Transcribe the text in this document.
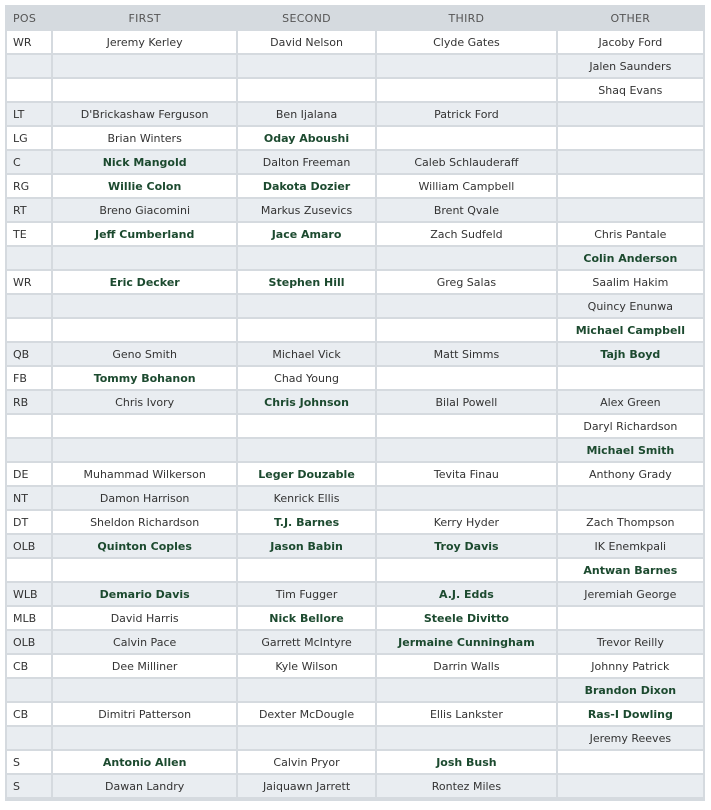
POS	FIRST	SECOND	THIRD	OTHER
WR	Jeremy Kerley	David Nelson	Clyde Gates	Jacoby Ford
				Jalen Saunders
				Shaq Evans
LT	D'Brickashaw Ferguson	Ben Ijalana	Patrick Ford	
LG	Brian Winters	Oday Aboushi		
C	Nick Mangold	Dalton Freeman	Caleb Schlauderaff	
RG	Willie Colon	Dakota Dozier	William Campbell	
RT	Breno Giacomini	Markus Zusevics	Brent Qvale	
TE	Jeff Cumberland	Jace Amaro	Zach Sudfeld	Chris Pantale
				Colin Anderson
WR	Eric Decker	Stephen Hill	Greg Salas	Saalim Hakim
				Quincy Enunwa
				Michael Campbell
QB	Geno Smith	Michael Vick	Matt Simms	Tajh Boyd
FB	Tommy Bohanon	Chad Young		
RB	Chris Ivory	Chris Johnson	Bilal Powell	Alex Green
				Daryl Richardson
				Michael Smith
DE	Muhammad Wilkerson	Leger Douzable	Tevita Finau	Anthony Grady
NT	Damon Harrison	Kenrick Ellis		
DT	Sheldon Richardson	T.J. Barnes	Kerry Hyder	Zach Thompson
OLB	Quinton Coples	Jason Babin	Troy Davis	IK Enemkpali
				Antwan Barnes
WLB	Demario Davis	Tim Fugger	A.J. Edds	Jeremiah George
MLB	David Harris	Nick Bellore	Steele Divitto	
OLB	Calvin Pace	Garrett McIntyre	Jermaine Cunningham	Trevor Reilly
CB	Dee Milliner	Kyle Wilson	Darrin Walls	Johnny Patrick
				Brandon Dixon
CB	Dimitri Patterson	Dexter McDougle	Ellis Lankster	Ras-I Dowling
				Jeremy Reeves
S	Antonio Allen	Calvin Pryor	Josh Bush	
S	Dawan Landry	Jaiquawn Jarrett	Rontez Miles	
